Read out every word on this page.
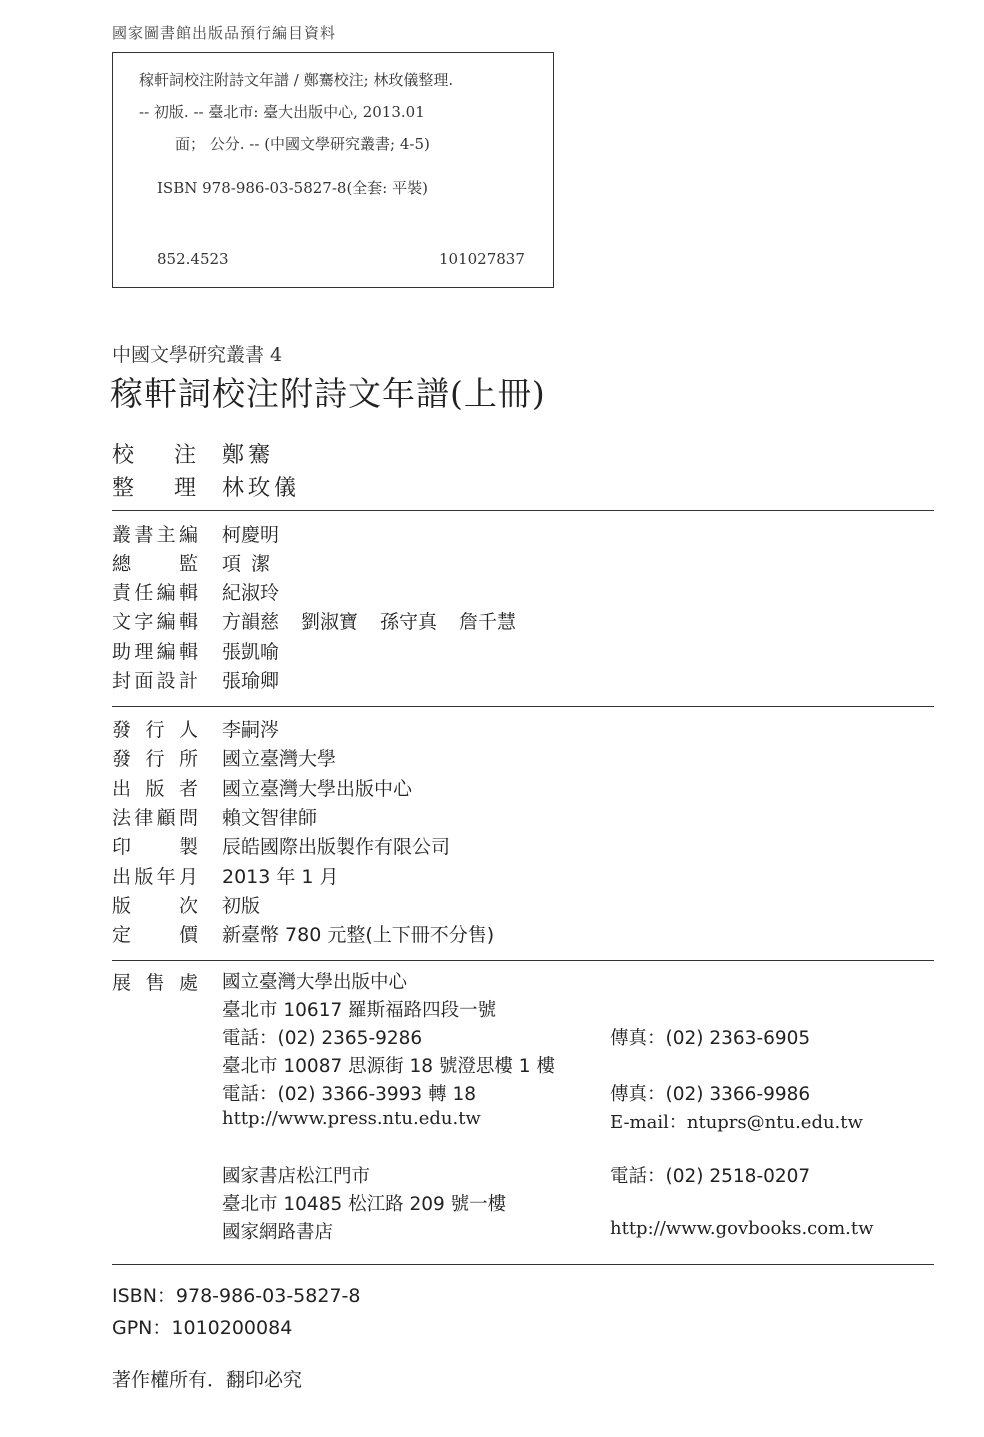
國家圖書館出版品預行編目資料
稼軒詞校注附詩文年譜 / 鄭騫校注; 林玫儀整理.
-- 初版. -- 臺北市: 臺大出版中心, 2013.01
面； 公分. -- (中國文學研究叢書; 4-5)
ISBN 978-986-03-5827-8(全套: 平裝)
852.4523	101027837
中國文學研究叢書 4
稼軒詞校注附詩文年譜(上冊)
校注 鄭騫
整理 林玫儀
叢書主編 柯慶明
總監 項潔
責任編輯 紀淑玲
文字編輯 方韻慈 劉淑寶 孫守真 詹千慧
助理編輯 張凱喻
封面設計 張瑜卿
發行人 李嗣涔
發行所 國立臺灣大學
出版者 國立臺灣大學出版中心
法律顧問 賴文智律師
印製 辰皓國際出版製作有限公司
出版年月 2013 年 1 月
版次 初版
定價 新臺幣 780 元整(上下冊不分售)
展售處 國立臺灣大學出版中心
臺北市 10617 羅斯福路四段一號
電話：(02) 2365-9286	傳真：(02) 2363-6905
臺北市 10087 思源街 18 號澄思樓 1 樓
電話：(02) 3366-3993 轉 18	傳真：(02) 3366-9986
http://www.press.ntu.edu.tw	E-mail：ntuprs@ntu.edu.tw
國家書店松江門市	電話：(02) 2518-0207
臺北市 10485 松江路 209 號一樓
國家網路書店	http://www.govbooks.com.tw
ISBN：978-986-03-5827-8
GPN：1010200084
著作權所有．翻印必究
